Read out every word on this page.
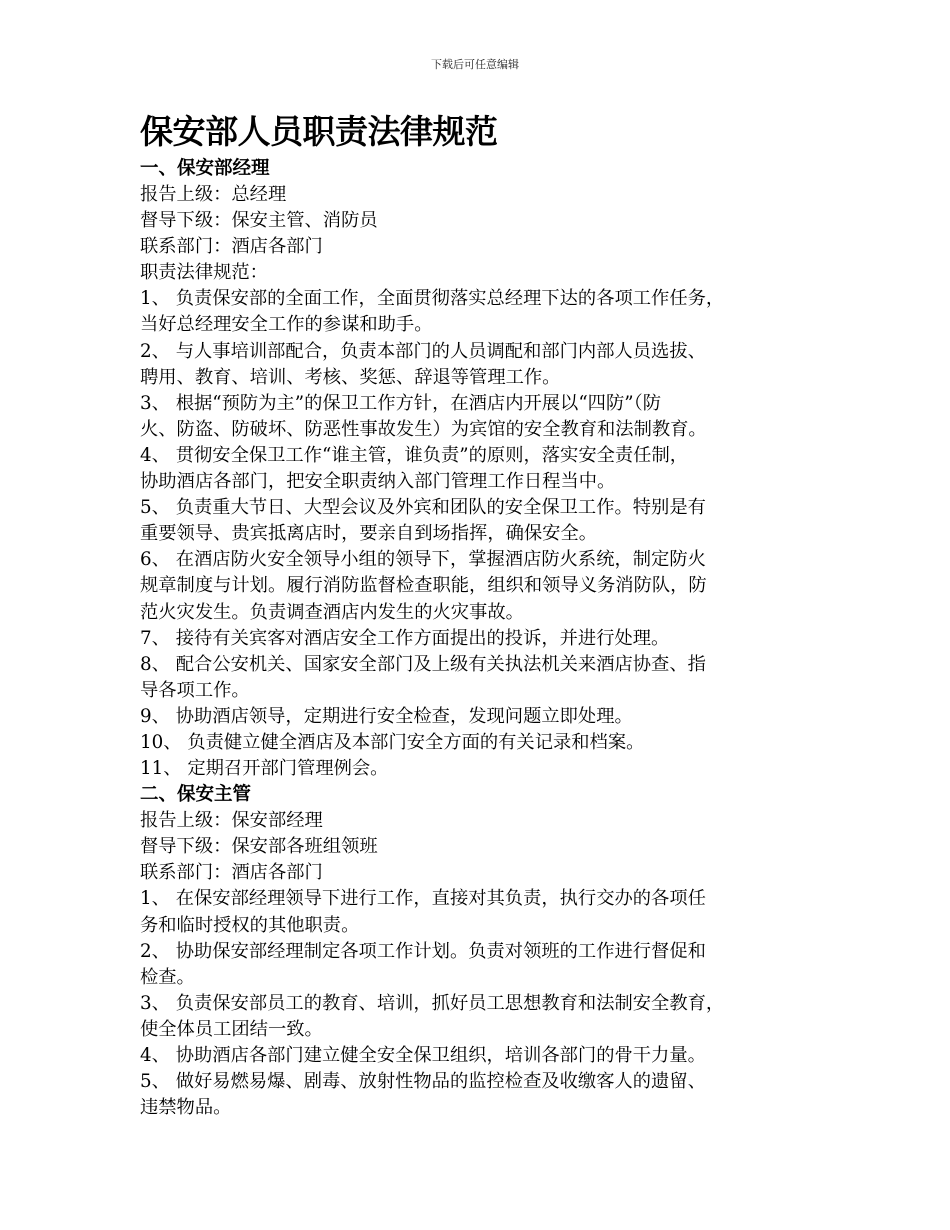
下载后可任意编辑
保安部人员职责法律规范
一、保安部经理
报告上级：总经理
督导下级：保安主管、消防员
联系部门：酒店各部门
职责法律规范：
1、 负责保安部的全面工作，全面贯彻落实总经理下达的各项工作任务，
当好总经理安全工作的参谋和助手。
2、 与人事培训部配合，负责本部门的人员调配和部门内部人员选拔、
聘用、教育、培训、考核、奖惩、辞退等管理工作。
3、 根据“预防为主”的保卫工作方针，在酒店内开展以“四防”（防
火、防盗、防破坏、防恶性事故发生）为宾馆的安全教育和法制教育。
4、 贯彻安全保卫工作“谁主管，谁负责”的原则，落实安全责任制，
协助酒店各部门，把安全职责纳入部门管理工作日程当中。
5、 负责重大节日、大型会议及外宾和团队的安全保卫工作。特别是有
重要领导、贵宾抵离店时，要亲自到场指挥，确保安全。
6、 在酒店防火安全领导小组的领导下，掌握酒店防火系统，制定防火
规章制度与计划。履行消防监督检查职能，组织和领导义务消防队，防
范火灾发生。负责调查酒店内发生的火灾事故。
7、 接待有关宾客对酒店安全工作方面提出的投诉，并进行处理。
8、 配合公安机关、国家安全部门及上级有关执法机关来酒店协查、指
导各项工作。
9、 协助酒店领导，定期进行安全检查，发现问题立即处理。
10、 负责健立健全酒店及本部门安全方面的有关记录和档案。
11、 定期召开部门管理例会。
二、保安主管
报告上级：保安部经理
督导下级：保安部各班组领班
联系部门：酒店各部门
1、 在保安部经理领导下进行工作，直接对其负责，执行交办的各项任
务和临时授权的其他职责。
2、 协助保安部经理制定各项工作计划。负责对领班的工作进行督促和
检查。
3、 负责保安部员工的教育、培训，抓好员工思想教育和法制安全教育，
使全体员工团结一致。
4、 协助酒店各部门建立健全安全保卫组织，培训各部门的骨干力量。
5、 做好易燃易爆、剧毒、放射性物品的监控检查及收缴客人的遗留、
违禁物品。
